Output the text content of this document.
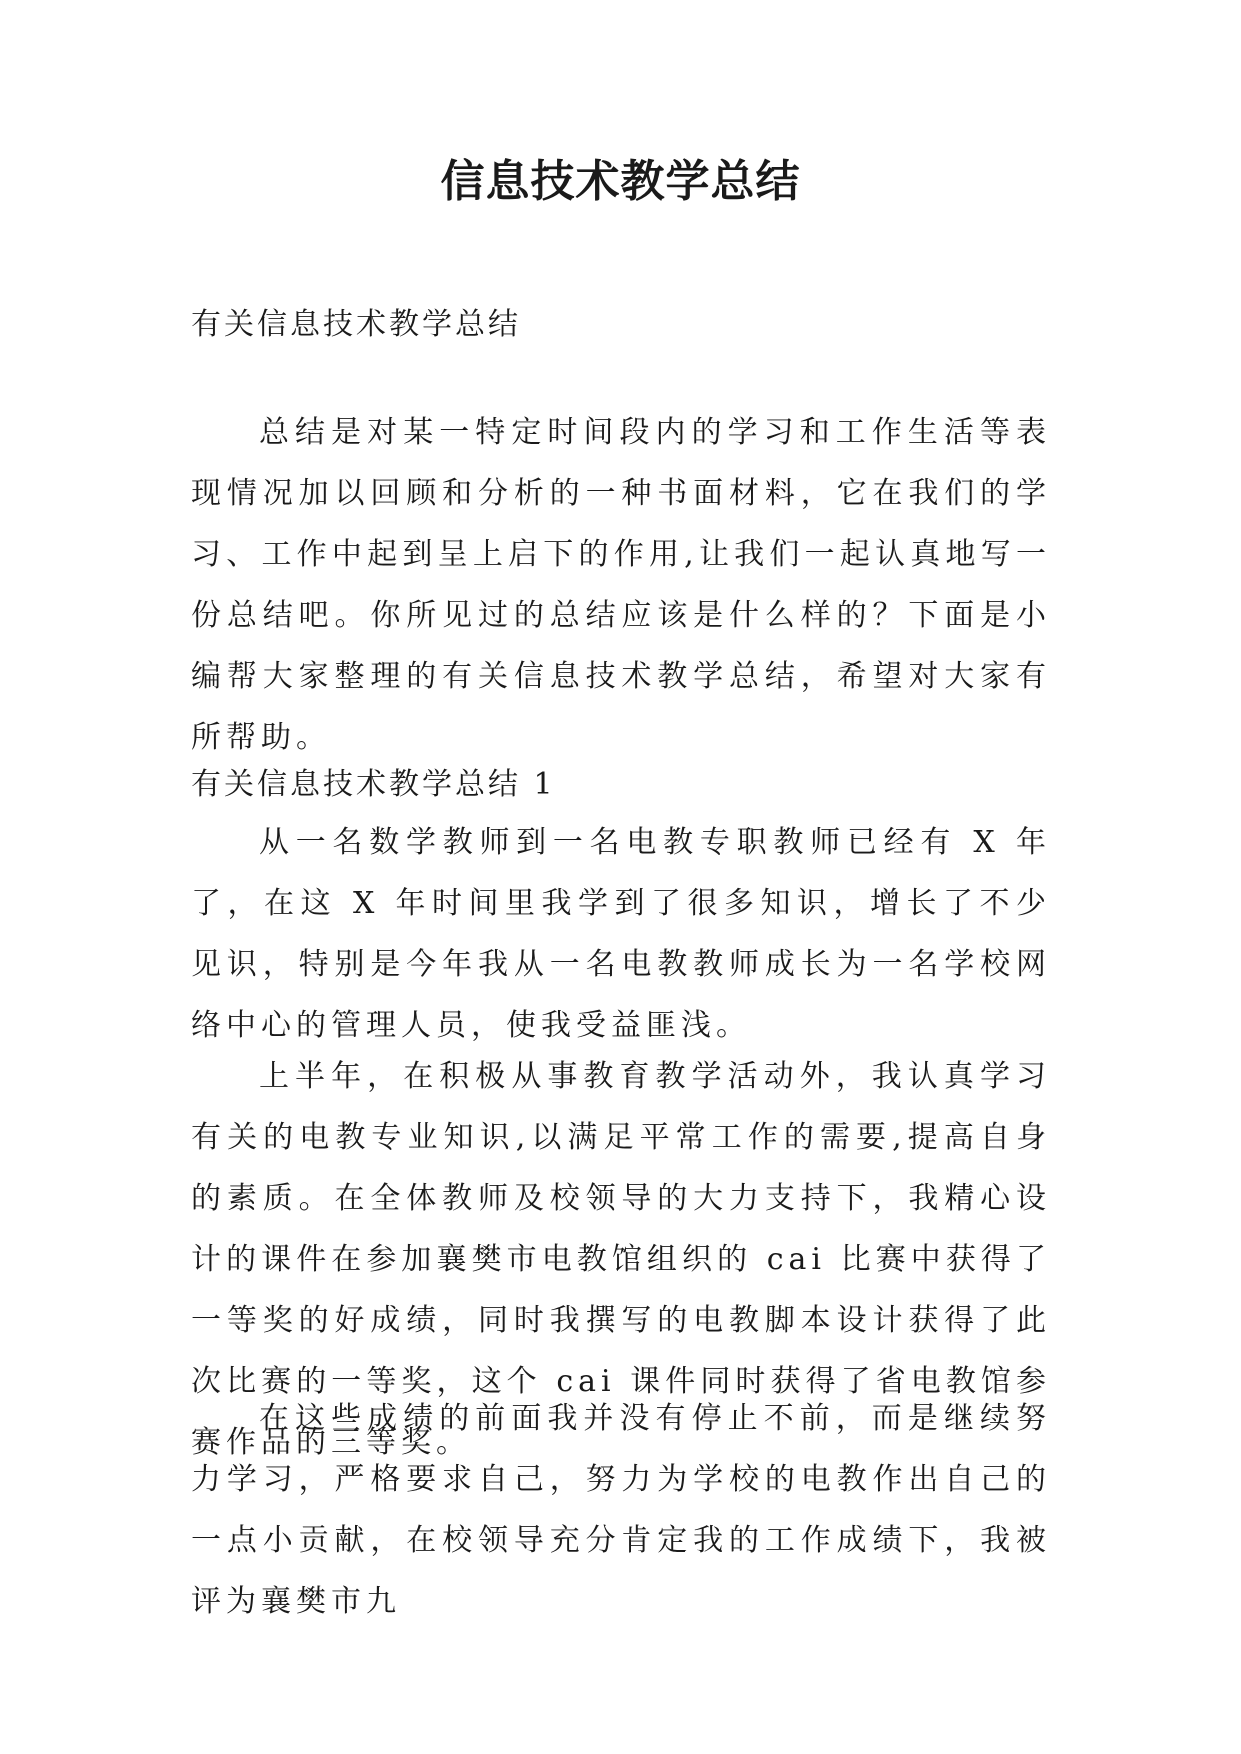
信息技术教学总结

有关信息技术教学总结

总结是对某一特定时间段内的学习和工作生活等表现情况加以回顾和分析的一种书面材料，它在我们的学习、工作中起到呈上启下的作用,让我们一起认真地写一份总结吧。你所见过的总结应该是什么样的？下面是小编帮大家整理的有关信息技术教学总结，希望对大家有所帮助。

有关信息技术教学总结 1

从一名数学教师到一名电教专职教师已经有 X 年了，在这 X 年时间里我学到了很多知识，增长了不少见识，特别是今年我从一名电教教师成长为一名学校网络中心的管理人员，使我受益匪浅。

上半年，在积极从事教育教学活动外，我认真学习有关的电教专业知识,以满足平常工作的需要,提高自身的素质。在全体教师及校领导的大力支持下，我精心设计的课件在参加襄樊市电教馆组织的 cai 比赛中获得了一等奖的好成绩，同时我撰写的电教脚本设计获得了此次比赛的一等奖，这个 cai 课件同时获得了省电教馆参赛作品的三等奖。

在这些成绩的前面我并没有停止不前，而是继续努力学习，严格要求自己，努力为学校的电教作出自己的一点小贡献，在校领导充分肯定我的工作成绩下，我被评为襄樊市九
